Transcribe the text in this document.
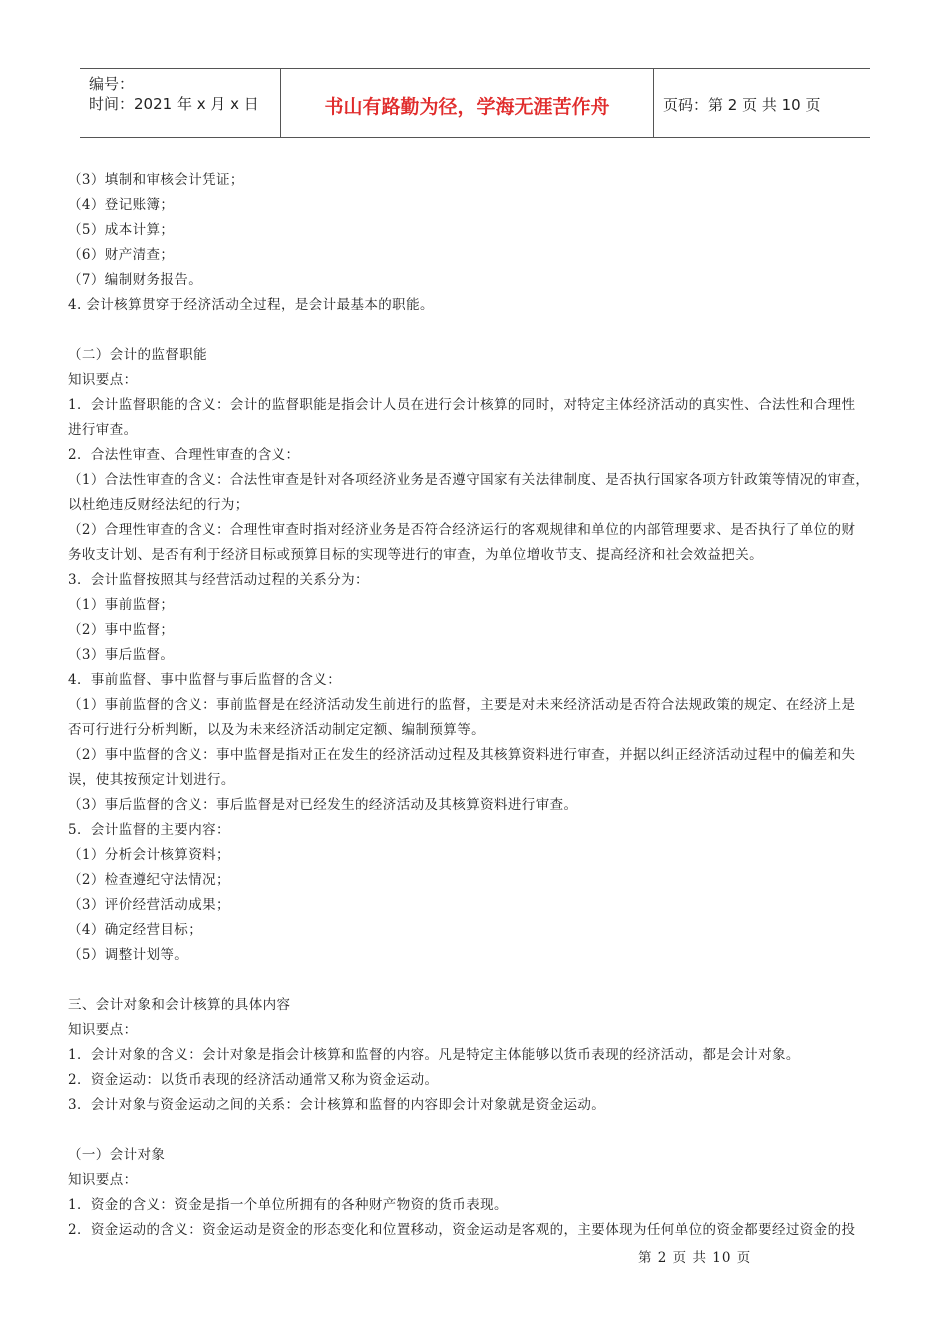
编号：
时间：2021 年 x 月 x 日	书山有路勤为径，学海无涯苦作舟	页码：第 2 页 共 10 页
（3）填制和审核会计凭证；
（4）登记账簿；
（5）成本计算；
（6）财产清查；
（7）编制财务报告。
4. 会计核算贯穿于经济活动全过程，是会计最基本的职能。
（二）会计的监督职能
知识要点：
1．会计监督职能的含义：会计的监督职能是指会计人员在进行会计核算的同时，对特定主体经济活动的真实性、合法性和合理性
进行审查。
2．合法性审查、合理性审查的含义：
（1）合法性审查的含义：合法性审查是针对各项经济业务是否遵守国家有关法律制度、是否执行国家各项方针政策等情况的审查，
以杜绝违反财经法纪的行为；
（2）合理性审查的含义：合理性审查时指对经济业务是否符合经济运行的客观规律和单位的内部管理要求、是否执行了单位的财
务收支计划、是否有利于经济目标或预算目标的实现等进行的审查，为单位增收节支、提高经济和社会效益把关。
3．会计监督按照其与经营活动过程的关系分为：
（1）事前监督；
（2）事中监督；
（3）事后监督。
4．事前监督、事中监督与事后监督的含义：
（1）事前监督的含义：事前监督是在经济活动发生前进行的监督，主要是对未来经济活动是否符合法规政策的规定、在经济上是
否可行进行分析判断，以及为未来经济活动制定定额、编制预算等。
（2）事中监督的含义：事中监督是指对正在发生的经济活动过程及其核算资料进行审查，并据以纠正经济活动过程中的偏差和失
误，使其按预定计划进行。
（3）事后监督的含义：事后监督是对已经发生的经济活动及其核算资料进行审查。
5．会计监督的主要内容：
（1）分析会计核算资料；
（2）检查遵纪守法情况；
（3）评价经营活动成果；
（4）确定经营目标；
（5）调整计划等。
三、会计对象和会计核算的具体内容
知识要点：
1．会计对象的含义：会计对象是指会计核算和监督的内容。凡是特定主体能够以货币表现的经济活动，都是会计对象。
2．资金运动：以货币表现的经济活动通常又称为资金运动。
3．会计对象与资金运动之间的关系：会计核算和监督的内容即会计对象就是资金运动。
（一）会计对象
知识要点：
1．资金的含义：资金是指一个单位所拥有的各种财产物资的货币表现。
2．资金运动的含义：资金运动是资金的形态变化和位置移动，资金运动是客观的，主要体现为任何单位的资金都要经过资金的投
第 2 页 共 10 页
